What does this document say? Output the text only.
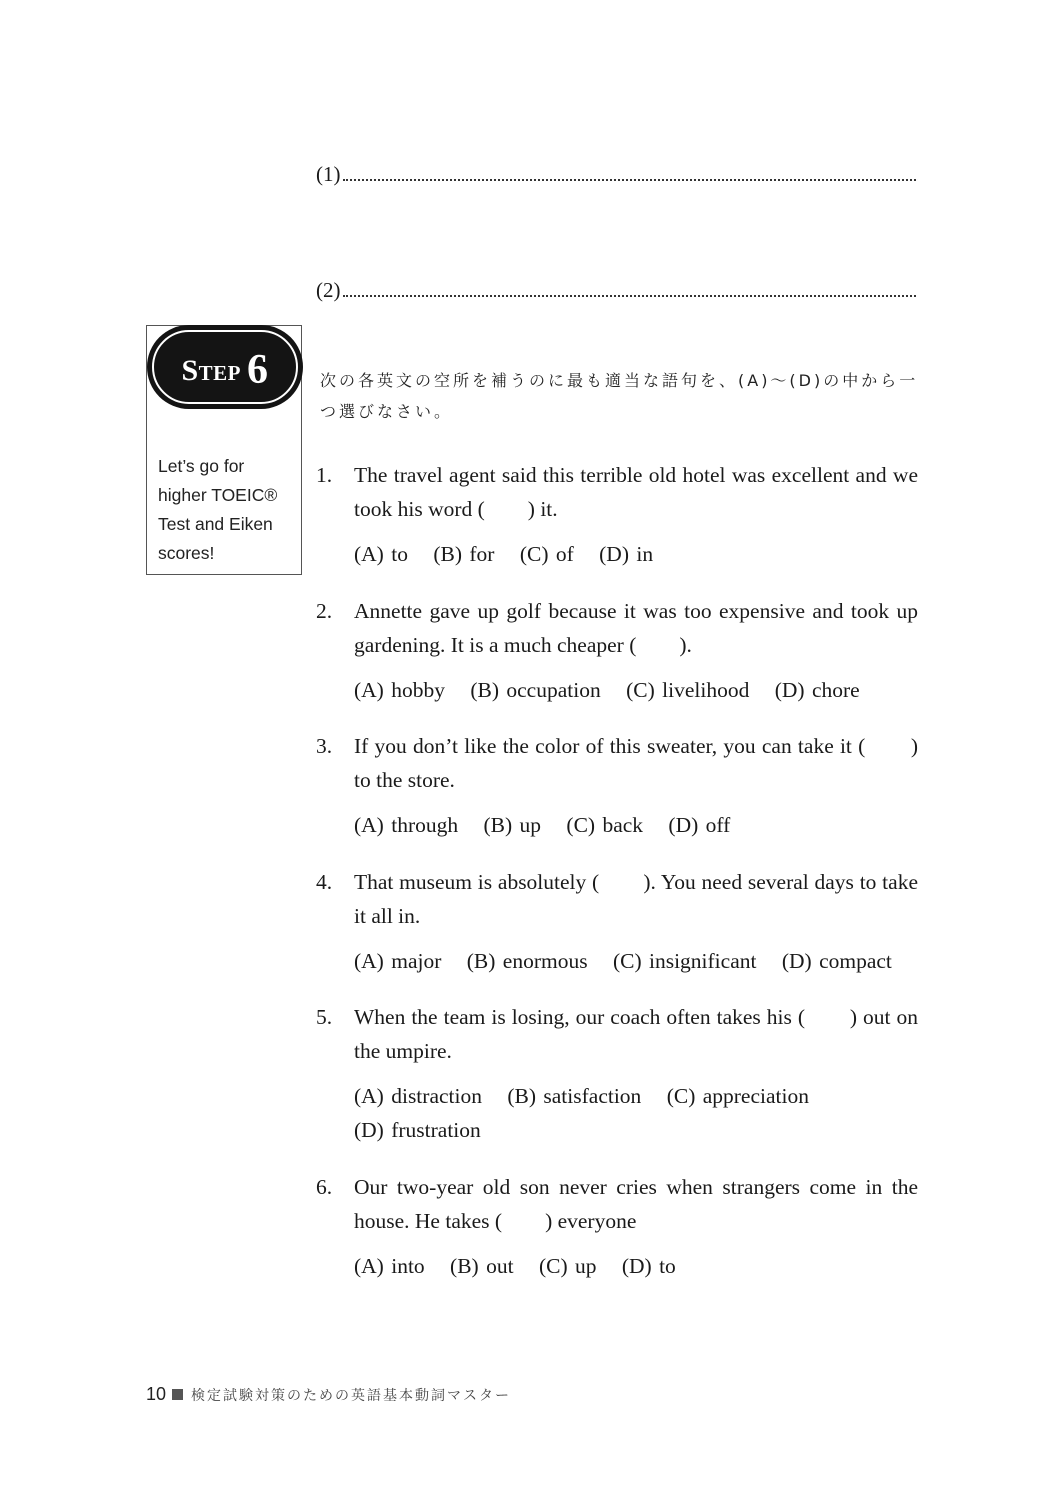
(1)
(2)
Step 6

Let’s go for

higher TOEIC®

Test and Eiken

scores!

次の各英文の空所を補うのに最も適当な語句を、(A)～(D)の中から一つ選びなさい。
1. The travel agent said this terrible old hotel was excellent and we took his word (　　) it.
(A) to (B) for (C) of (D) in
2. Annette gave up golf because it was too expensive and took up gardening. It is a much cheaper (　　).
(A) hobby (B) occupation (C) livelihood (D) chore
3. If you don’t like the color of this sweater, you can take it (　　) to the store.
(A) through (B) up (C) back (D) off
4. That museum is absolutely (　　). You need several days to take it all in.
(A) major (B) enormous (C) insignificant (D) compact
5. When the team is losing, our coach often takes his (　　) out on the umpire.
(A) distraction (B) satisfaction (C) appreciation (D) frustration
6. Our two-year old son never cries when strangers come in the house. He takes (　　) everyone
(A) into (B) out (C) up (D) to
10 検定試験対策のための英語基本動詞マスター
